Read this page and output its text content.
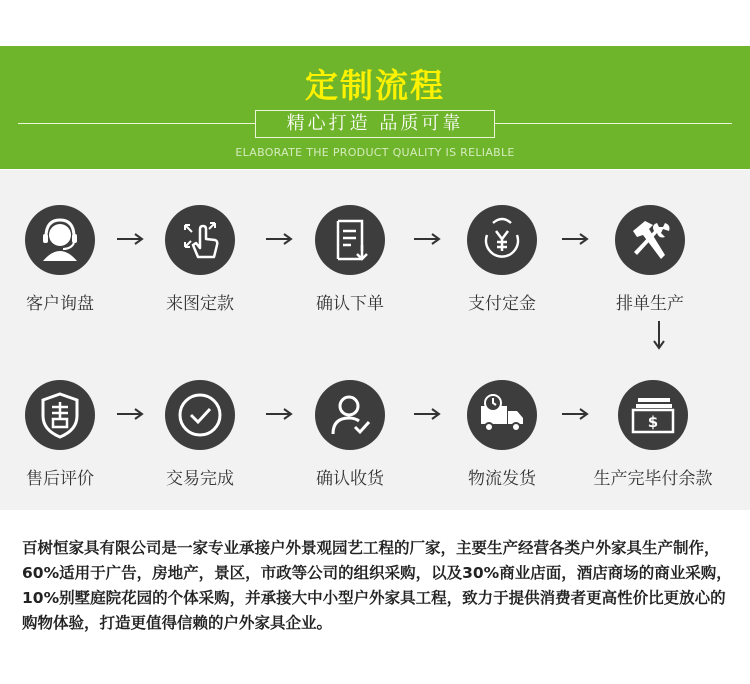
定制流程
精心打造 品质可靠
ELABORATE THE PRODUCT QUALITY IS RELIABLE
客户询盘	来图定款	确认下单	支付定金	排单生产
售后评价	交易完成	确认收货	物流发货
$
生产完毕付余款
百树恒家具有限公司是一家专业承接户外景观园艺工程的厂家，主要生产经营各类户外家具生产制作，60%适用于广告，房地产，景区，市政等公司的组织采购，以及30%商业店面，酒店商场的商业采购，10%别墅庭院花园的个体采购，并承接大中小型户外家具工程，致力于提供消费者更高性价比更放心的购物体验，打造更值得信赖的户外家具企业。
